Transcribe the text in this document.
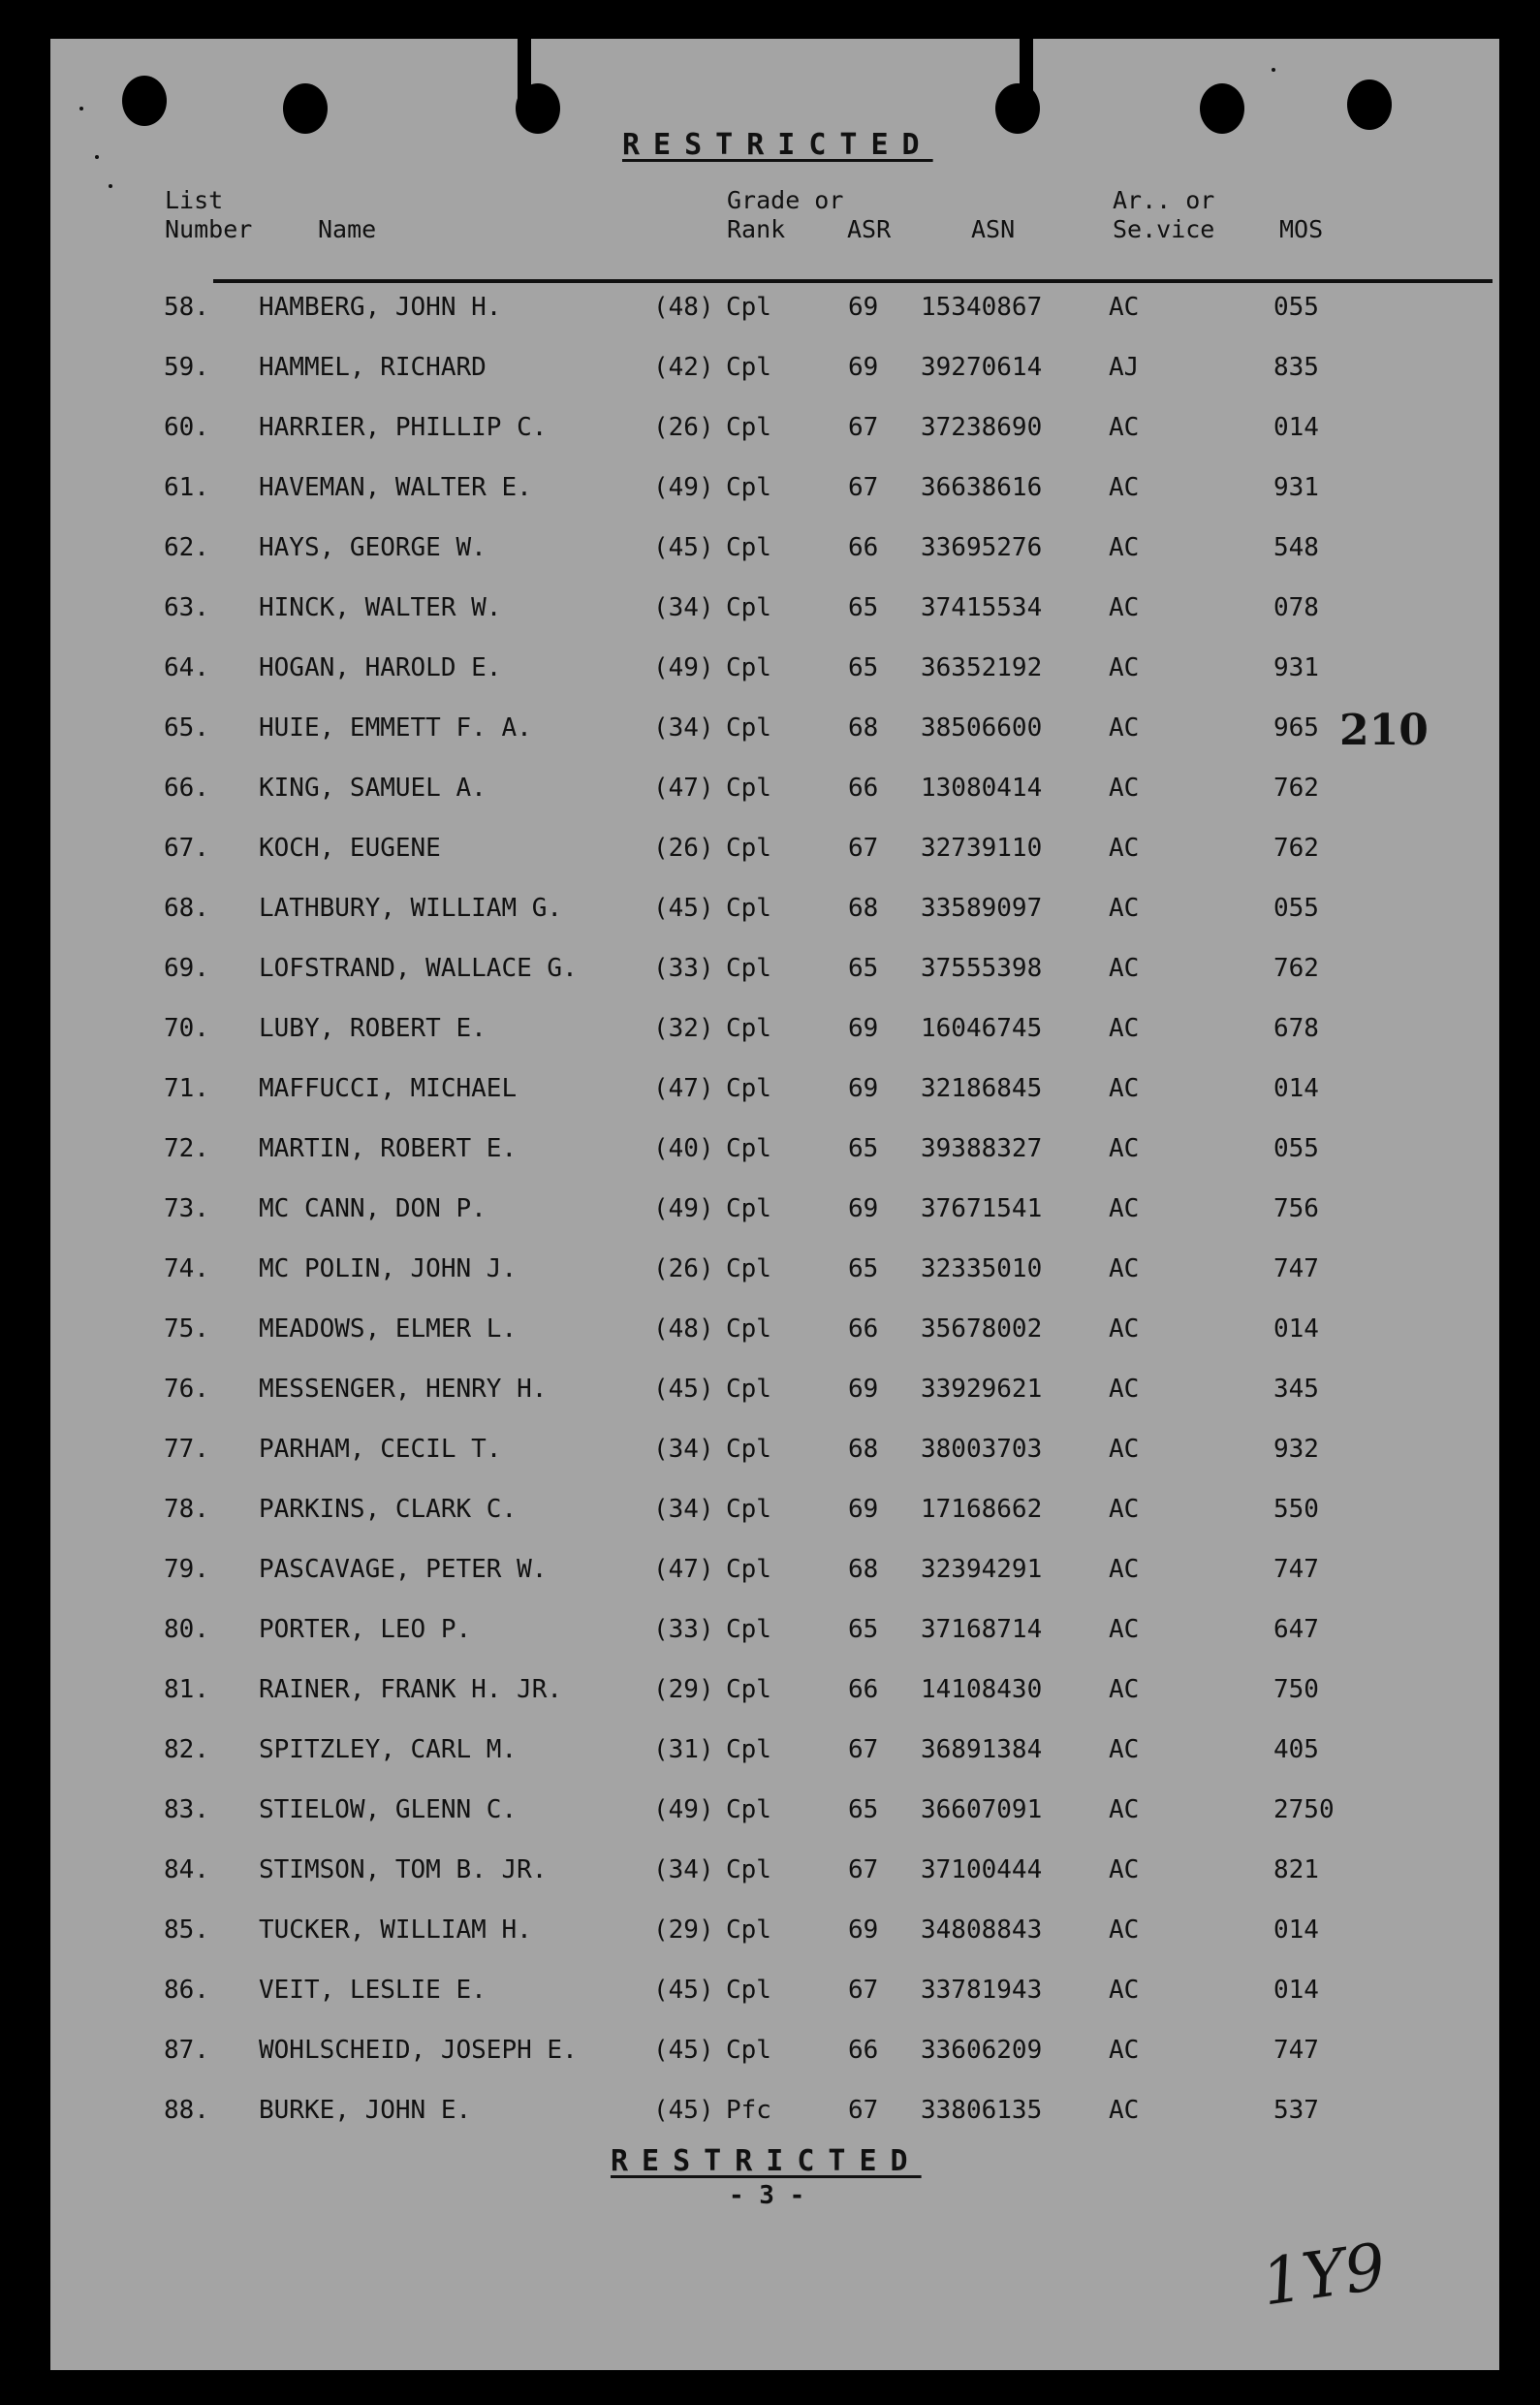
RESTRICTED
List
Number	Name
Grade or
Rank	ASR	ASN
Ar.. or
Se.vice	MOS
58.	HAMBERG, JOHN H.	(48) Cpl	69 15340867	AC	055
59.	HAMMEL, RICHARD	(42) Cpl	69 39270614	AJ	835
60.	HARRIER, PHILLIP C.	(26) Cpl	67 37238690	AC	014
61.	HAVEMAN, WALTER E.	(49) Cpl	67 36638616	AC	931
62.	HAYS, GEORGE W.	(45) Cpl	66 33695276	AC	548
63.	HINCK, WALTER W.	(34) Cpl	65 37415534	AC	078
64.	HOGAN, HAROLD E.	(49) Cpl	65 36352192	AC	931
65.	HUIE, EMMETT F. A.	(34) Cpl	68 38506600	AC	965
66.	KING, SAMUEL A.	(47) Cpl	66 13080414	AC	762
67.	KOCH, EUGENE	(26) Cpl	67 32739110	AC	762
68.	LATHBURY, WILLIAM G.	(45) Cpl	68 33589097	AC	055
69.	LOFSTRAND, WALLACE G.	(33) Cpl	65 37555398	AC	762
70.	LUBY, ROBERT E.	(32) Cpl	69 16046745	AC	678
71.	MAFFUCCI, MICHAEL	(47) Cpl	69 32186845	AC	014
72.	MARTIN, ROBERT E.	(40) Cpl	65 39388327	AC	055
73.	MC CANN, DON P.	(49) Cpl	69 37671541	AC	756
74.	MC POLIN, JOHN J.	(26) Cpl	65 32335010	AC	747
75.	MEADOWS, ELMER L.	(48) Cpl	66 35678002	AC	014
76.	MESSENGER, HENRY H.	(45) Cpl	69 33929621	AC	345
77.	PARHAM, CECIL T.	(34) Cpl	68 38003703	AC	932
78.	PARKINS, CLARK C.	(34) Cpl	69 17168662	AC	550
79.	PASCAVAGE, PETER W.	(47) Cpl	68 32394291	AC	747
80.	PORTER, LEO P.	(33) Cpl	65 37168714	AC	647
81.	RAINER, FRANK H. JR.	(29) Cpl	66 14108430	AC	750
82.	SPITZLEY, CARL M.	(31) Cpl	67 36891384	AC	405
83.	STIELOW, GLENN C.	(49) Cpl	65 36607091	AC	2750
84.	STIMSON, TOM B. JR.	(34) Cpl	67 37100444	AC	821
85.	TUCKER, WILLIAM H.	(29) Cpl	69 34808843	AC	014
86.	VEIT, LESLIE E.	(45) Cpl	67 33781943	AC	014
87.	WOHLSCHEID, JOSEPH E.	(45) Cpl	66 33606209	AC	747
88.	BURKE, JOHN E.	(45) Pfc	67 33806135	AC	537
210
RESTRICTED
- 3 -
1Y9
